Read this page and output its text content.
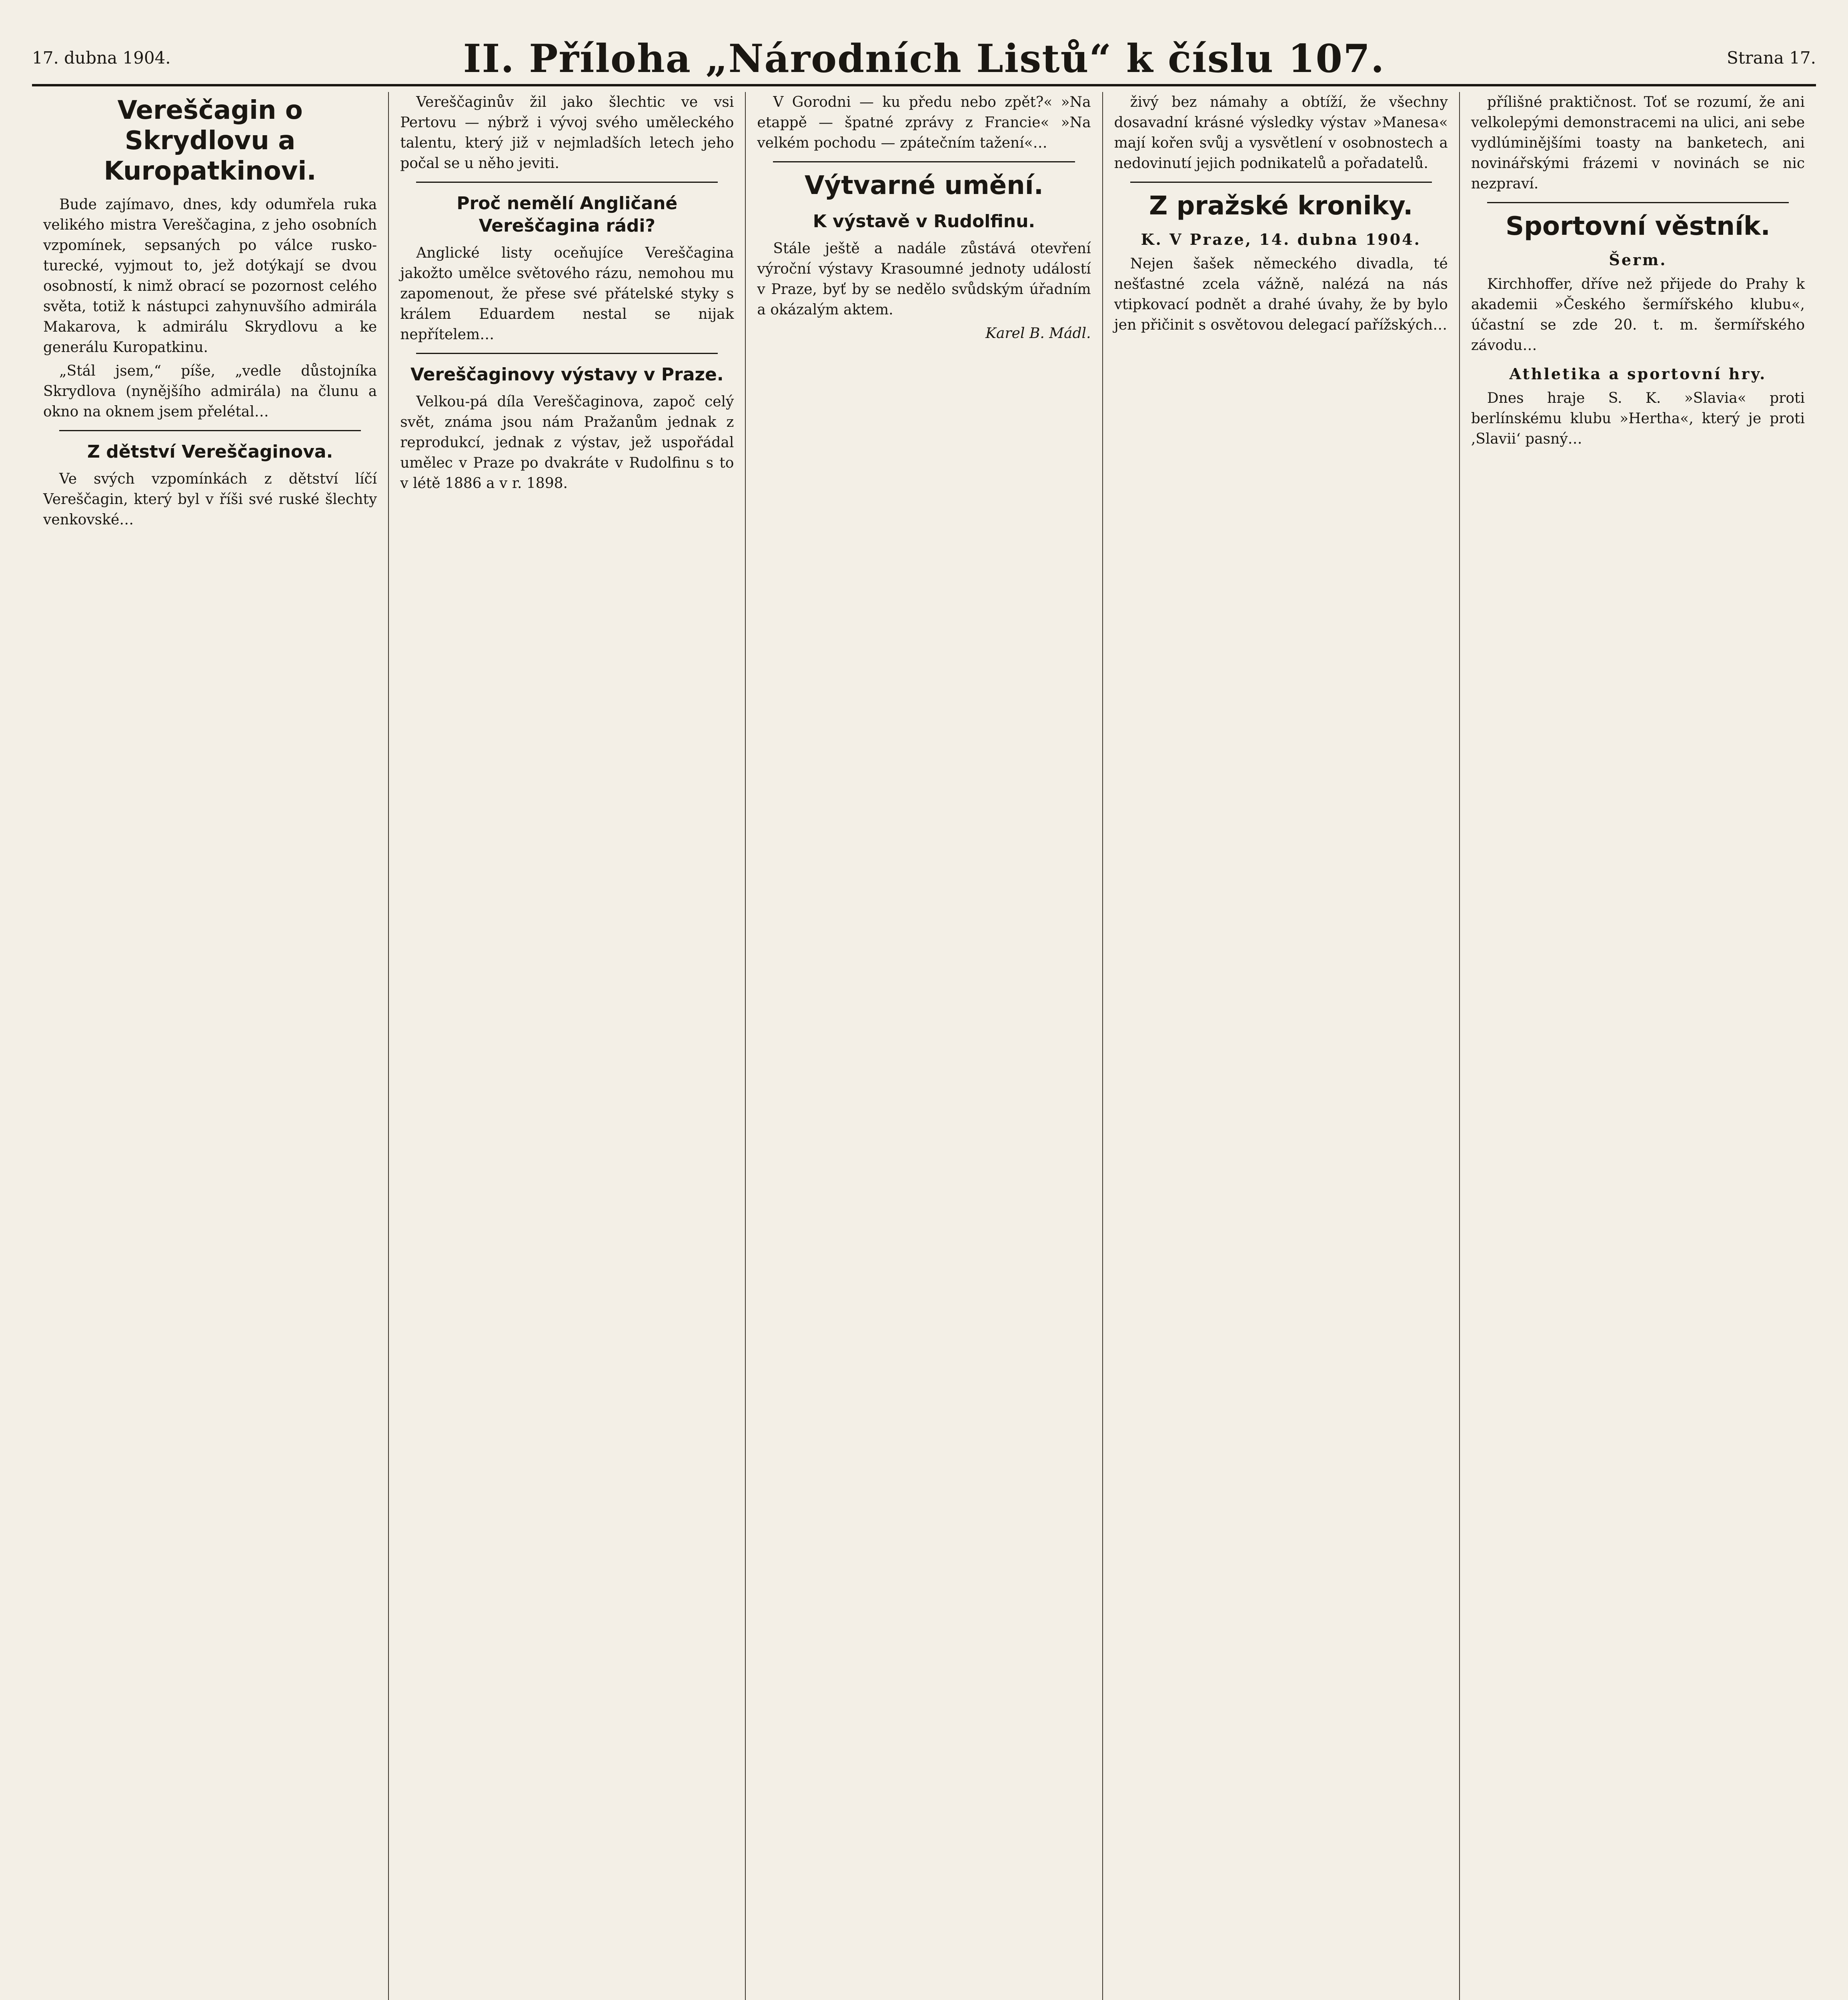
17. dubna 1904.	II. Příloha „Národních Listů“ k číslu 107.	Strana 17.
Vereščagin o Skrydlovu a Kuropatkinovi.

Bude zajímavo, dnes, kdy odumřela ruka velikého mistra Vereščagina, z jeho osobních vzpomínek, sepsaných po válce rusko-turecké, vyjmout to, jež dotýkají se dvou osobností, k nimž obrací se pozornost celého světa, totiž k nástupci zahynuvšího admirála Makarova, k admirálu Skrydlovu a ke generálu Kuropatkinu.

„Stál jsem,“ píše, „vedle důstojníka Skrydlova (nynějšího admirála) na člunu a okno na oknem jsem přelétal…

Z dětství Vereščaginova.

Ve svých vzpomínkách z dětství líčí Vereščagin, který byl v říši své ruské šlechty venkovské…

Vereščaginův žil jako šlechtic ve vsi Pertovu — nýbrž i vývoj svého uměleckého talentu, který již v nejmladších letech jeho počal se u něho jeviti.

Proč nemělí Angličané Vereščagina rádi?

Anglické listy oceňujíce Vereščagina jakožto umělce světového rázu, nemohou mu zapomenout, že přese své přátelské styky s králem Eduardem nestal se nijak nepřítelem…

Vereščaginovy výstavy v Praze.

Velkou-pá díla Vereščaginova, započ celý svět, známa jsou nám Pražanům jednak z reprodukcí, jednak z výstav, jež uspořádal umělec v Praze po dvakráte v Rudolfinu s to v létě 1886 a v r. 1898.

V Gorodni — ku předu nebo zpět?« »Na etappě — špatné zprávy z Francie« »Na velkém pochodu — zpátečním tažení«…

Výtvarné umění.
K výstavě v Rudolfinu.

Stále ještě a nadále zůstává otevření výroční výstavy Krasoumné jednoty událostí v Praze, byť by se nedělo svůdským úřadním a okázalým aktem.

Karel B. Mádl.

živý bez námahy a obtíží, že všechny dosavadní krásné výsledky výstav »Manesa« mají kořen svůj a vysvětlení v osobnostech a nedovinutí jejich podnikatelů a pořadatelů.

Z pražské kroniky.
K. V Praze, 14. dubna 1904.

Nejen šašek německého divadla, té nešťastné zcela vážně, nalézá na nás vtipkovací podnět a drahé úvahy, že by bylo jen přičinit s osvětovou delegací pařížských…

přílišné praktičnost. Toť se rozumí, že ani velkolepými demonstracemi na ulici, ani sebe vydlúminějšími toasty na banketech, ani novinářskými frázemi v novinách se nic nezpraví.

Sportovní věstník.
Šerm.

Kirchhoffer, dříve než přijede do Prahy k akademii »Českého šermířského klubu«, účastní se zde 20. t. m. šermířského závodu…

Athletika a sportovní hry.

Dnes hraje S. K. »Slavia« proti berlínskému klubu »Hertha«, který je proti ,Slavii‘ pasný…
